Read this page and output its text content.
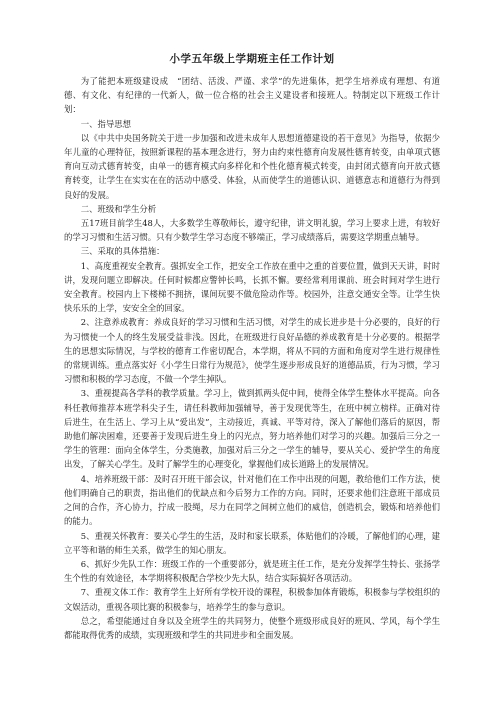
小学五年级上学期班主任工作计划

为了能把本班级建设成　“团结、活泼、严谨、求学”的先进集体，把学生培养成有理想、有道德、有文化、有纪律的一代新人，做一位合格的社会主义建设者和接班人。特制定以下班级工作计划：

一、指导思想

以《中共中央国务院关于进一步加强和改进未成年人思想道德建设的若干意见》为指导，依据少年儿童的心理特征，按照新课程的基本理念进行，努力由约束性德育向发展性德育转变，由单项式德育向互动式德育转变，由单一的德育模式向多样化和个性化德育模式转变，由封闭式德育向开放式德育转变，让学生在实实在在的活动中感受、体验，从而使学生的道德认识、道德意志和道德行为得到良好的发展。

二、班级和学生分析

五17班目前学生48人，大多数学生尊敬师长，遵守纪律，讲文明礼貌，学习上要求上进，有较好的学习习惯和生活习惯。只有少数学生学习态度不够端正，学习成绩落后，需要这学期重点辅导。

三、采取的具体措施：

1、高度重视安全教育。强抓安全工作，把安全工作放在重中之重的首要位置，做到天天讲，时时讲，发现问题立即解决。任何时候都应警钟长鸣，长抓不懈。要经常利用课前、班会时间对学生进行安全教育。校园内上下楼梯不拥挤，课间玩要不做危险动作等。校园外，注意交通安全等。让学生快快乐乐的上学，安安全全的回家。

2、注意养成教育：养成良好的学习习惯和生活习惯，对学生的成长进步是十分必要的，良好的行为习惯使一个人的终生发展受益非浅。因此，在班级进行良好品德的养成教育是十分必要的。根据学生的思想实际情况，与学校的德育工作密切配合，本学期，将从不同的方面和角度对学生进行规律性的常规训练。重点落实好《小学生日常行为规范》，使学生逐步形成良好的道德品质，行为习惯，学习习惯和积极的学习态度，不做一个学生掉队。

3、重视提高各学科的教学质量。学习上，做到抓两头促中间，使得全体学生整体水平提高。向各科任教师推荐本班学科尖子生，请任科教师加强辅导，善于发现优等生，在班中树立榜样。正确对待后进生，在生活上、学习上从“爱出发”，主动接近，真诚、平等对待，深入了解他们落后的原因，帮助他们解决困难，还要善于发现后进生身上的闪光点，努力培养他们对学习的兴趣。加强后三分之一学生的管理：面向全体学生，分类施教，加强对后三分之一学生的辅导，要从关心、爱护学生的角度出发，了解关心学生。及时了解学生的心理变化，掌握他们成长道路上的发展情况。

4、培养班级干部：及时召开班干部会议，针对他们在工作中出现的问题，教给他们工作方法，使他们明确自己的职责，指出他们的优缺点和今后努力工作的方向。同时，还要求他们注意班干部成员之间的合作，齐心协力，拧成一股绳，尽力在同学之间树立他们的威信，创造机会，锻炼和培养他们的能力。

5、重视关怀教育：要关心学生的生活，及时和家长联系，体贴他们的冷暖，了解他们的心理，建立平等和谐的师生关系，做学生的知心朋友。

6、抓好少先队工作：班级工作的一个重要部分，就是班主任工作，是充分发挥学生特长、张扬学生个性的有效途径，本学期将积极配合学校少先大队，结合实际搞好各项活动。

7、重视文体工作：教育学生上好所有学校开设的课程，积极参加体育锻炼，积极参与学校组织的文娱活动，重视各项比赛的积极参与，培养学生的参与意识。

总之，希望能通过自身以及全班学生的共同努力，使整个班级形成良好的班风、学风，每个学生都能取得优秀的成绩，实现班级和学生的共同进步和全面发展。
